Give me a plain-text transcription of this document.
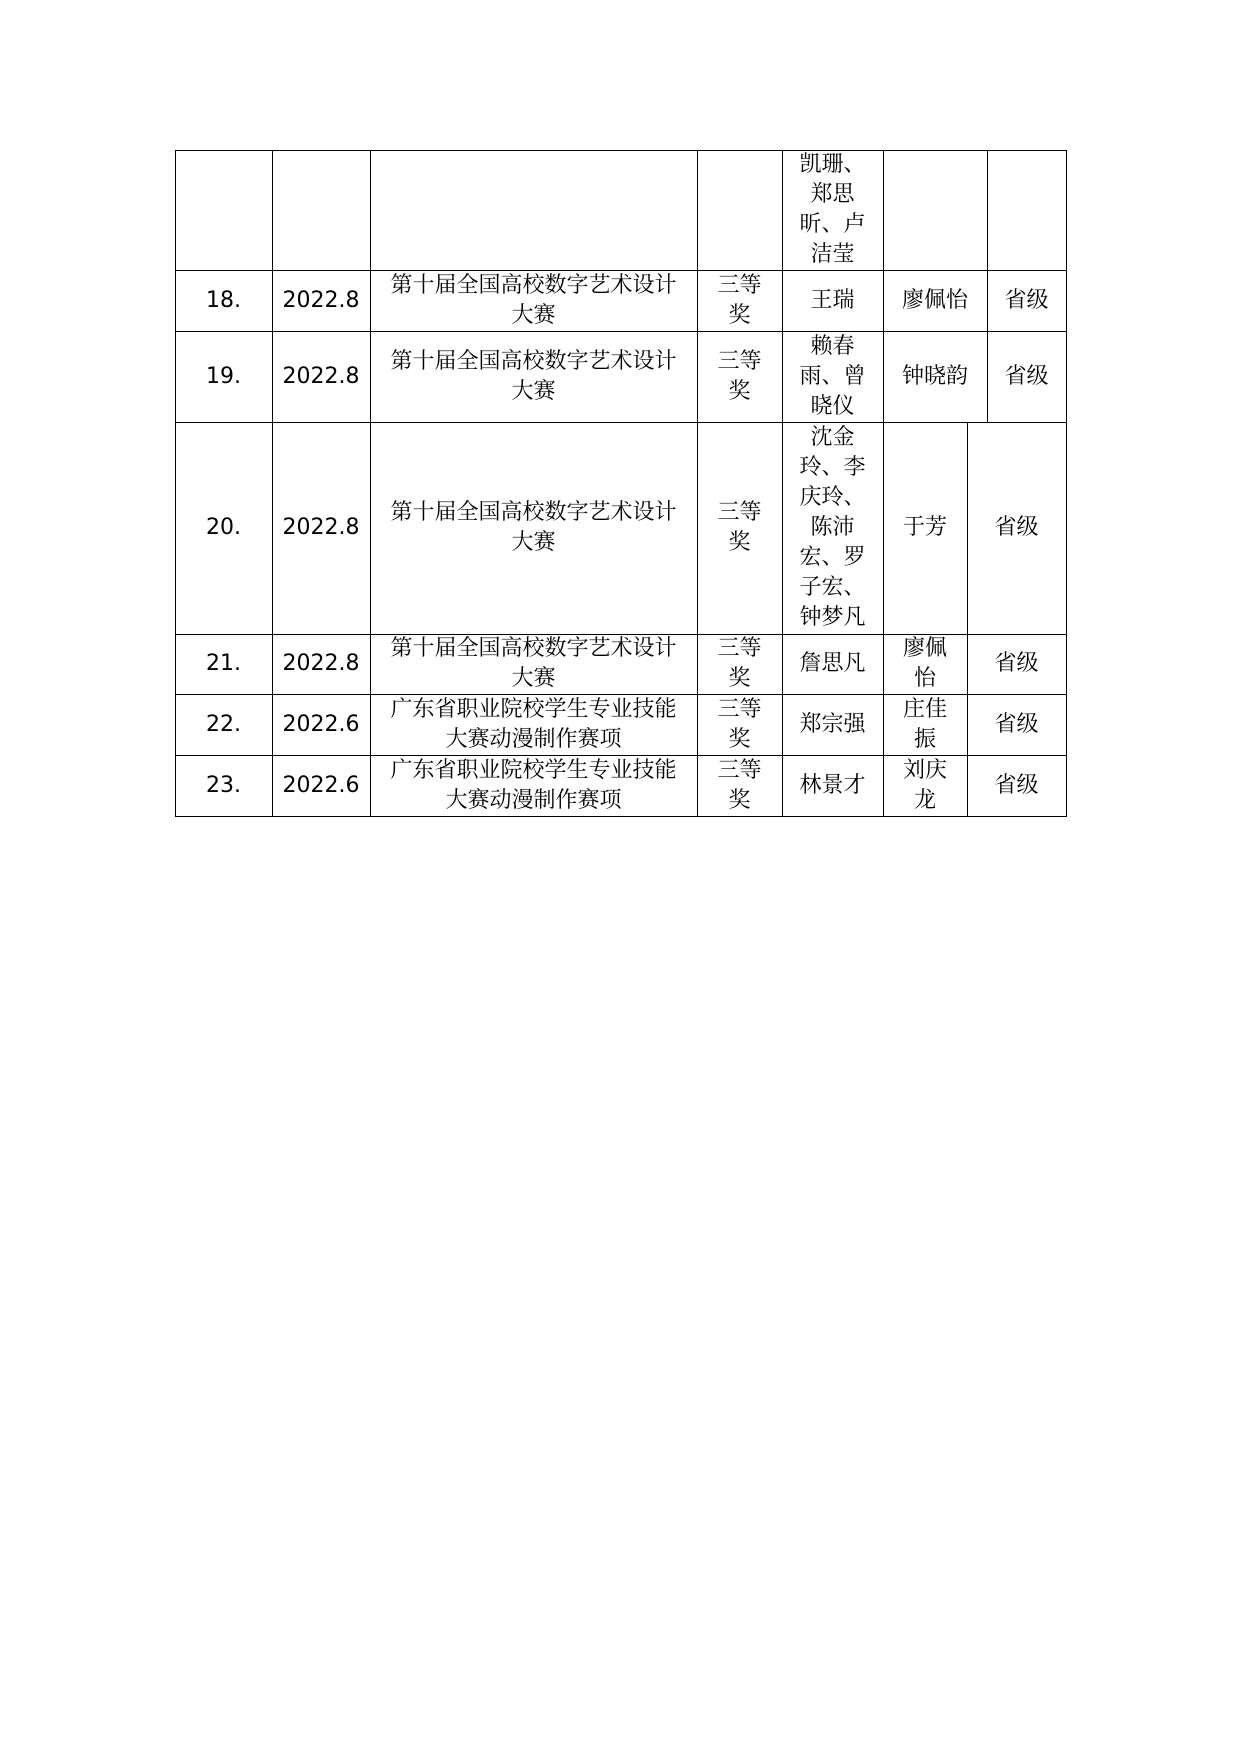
凯珊、
郑思
昕、卢
洁莹
18. 2022.8
第十届全国高校数字艺术设计
大赛
三等
奖
王瑞 廖佩怡 省级
19. 2022.8
第十届全国高校数字艺术设计
大赛
三等
奖
赖春
雨、曾
晓仪
钟晓韵 省级
20. 2022.8
第十届全国高校数字艺术设计
大赛
三等
奖
沈金
玲、李
庆玲、
陈沛
宏、罗
子宏、
钟梦凡
于芳 省级
21. 2022.8
第十届全国高校数字艺术设计
大赛
三等
奖
詹思凡
廖佩
怡
省级
22. 2022.6
广东省职业院校学生专业技能
大赛动漫制作赛项
三等
奖
郑宗强
庄佳
振
省级
23. 2022.6
广东省职业院校学生专业技能
大赛动漫制作赛项
三等
奖
林景才
刘庆
龙
省级
